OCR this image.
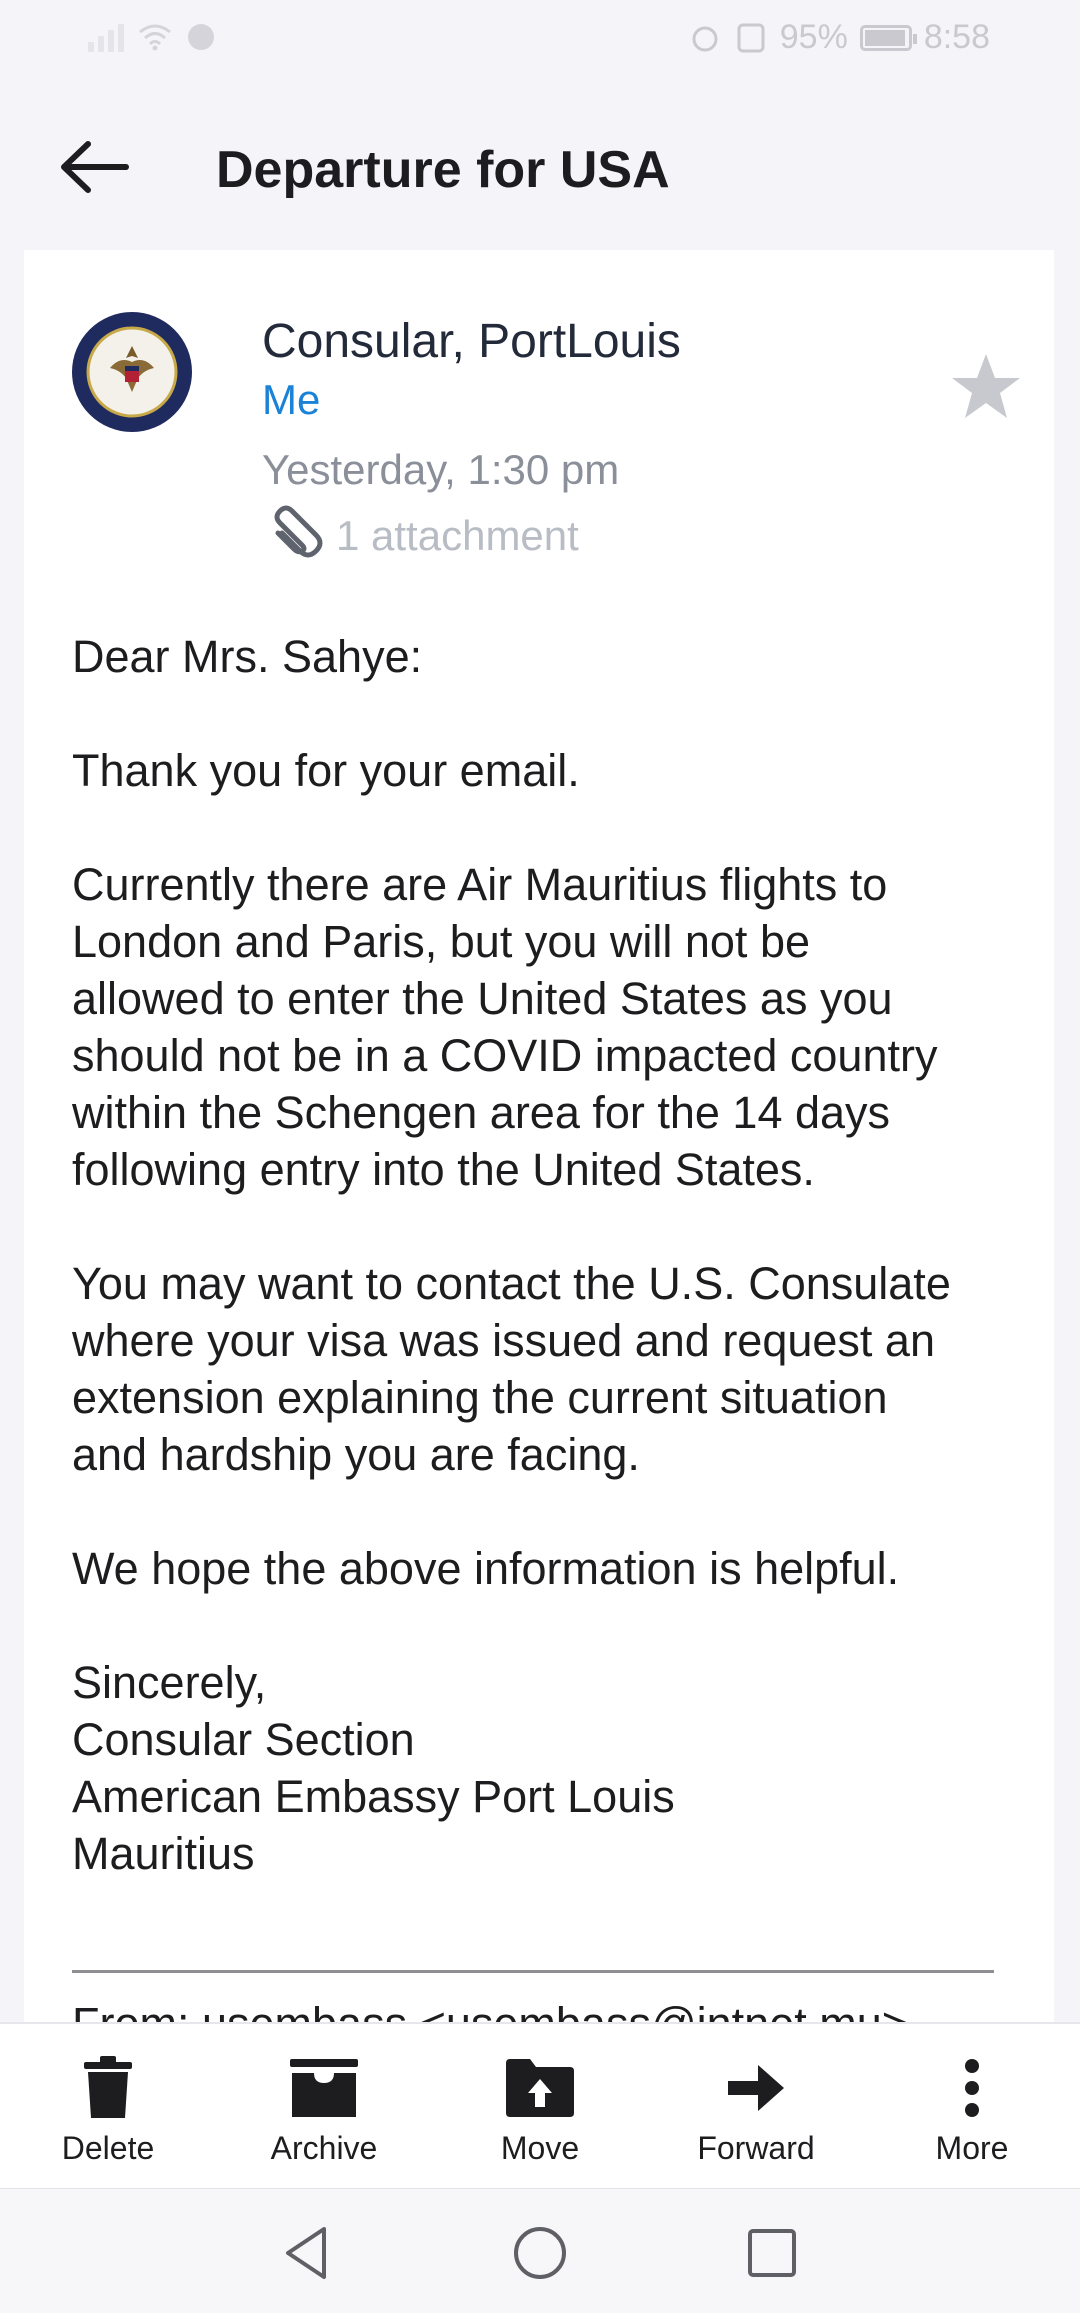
95% 8:58
Departure for USA
Consular, PortLouis
Me
Yesterday, 1:30 pm
1 attachment

Dear Mrs. Sahye:

Thank you for your email.

Currently there are Air Mauritius flights to

London and Paris, but you will not be

allowed to enter the United States as you

should not be in a COVID impacted country

within the Schengen area for the 14 days

following entry into the United States.

You may want to contact the U.S. Consulate

where your visa was issued and request an

extension explaining the current situation

and hardship you are facing.

We hope the above information is helpful.

Sincerely,

Consular Section

American Embassy Port Louis

Mauritius

Delete	Archive	Move	Forward	More
